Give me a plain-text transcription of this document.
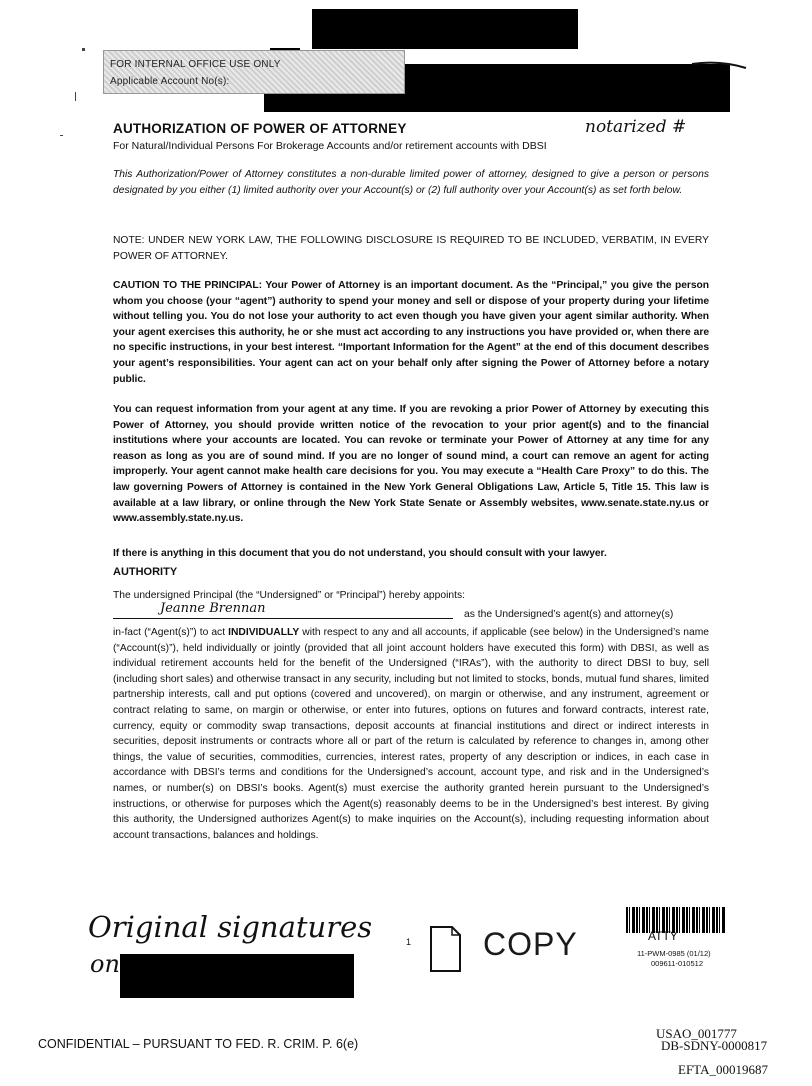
FOR INTERNAL OFFICE USE ONLY
Applicable Account No(s):
notarized #
AUTHORIZATION OF POWER OF ATTORNEY
For Natural/Individual Persons For Brokerage Accounts and/or retirement accounts with DBSI

This Authorization/Power of Attorney constitutes a non-durable limited power of attorney, designed to give a person or persons designated by you either (1) limited authority over your Account(s) or (2) full authority over your Account(s) as set forth below.

NOTE: UNDER NEW YORK LAW, THE FOLLOWING DISCLOSURE IS REQUIRED TO BE INCLUDED, VERBATIM, IN EVERY POWER OF ATTORNEY.

CAUTION TO THE PRINCIPAL: Your Power of Attorney is an important document. As the “Principal,” you give the person whom you choose (your “agent”) authority to spend your money and sell or dispose of your property during your lifetime without telling you. You do not lose your authority to act even though you have given your agent similar authority. When your agent exercises this authority, he or she must act according to any instructions you have provided or, when there are no specific instructions, in your best interest. “Important Information for the Agent” at the end of this document describes your agent’s responsibilities. Your agent can act on your behalf only after signing the Power of Attorney before a notary public.

You can request information from your agent at any time. If you are revoking a prior Power of Attorney by executing this Power of Attorney, you should provide written notice of the revocation to your prior agent(s) and to the financial institutions where your accounts are located. You can revoke or terminate your Power of Attorney at any time for any reason as long as you are of sound mind. If you are no longer of sound mind, a court can remove an agent for acting improperly. Your agent cannot make health care decisions for you. You may execute a “Health Care Proxy” to do this. The law governing Powers of Attorney is contained in the New York General Obligations Law, Article 5, Title 15. This law is available at a law library, or online through the New York State Senate or Assembly websites, www.senate.state.ny.us or www.assembly.state.ny.us.

If there is anything in this document that you do not understand, you should consult with your lawyer.

AUTHORITY
The undersigned Principal (the “Undersigned” or “Principal”) hereby appoints:
Jeanne Brennan	as the Undersigned’s agent(s) and attorney(s)

in-fact (“Agent(s)”) to act INDIVIDUALLY with respect to any and all accounts, if applicable (see below) in the Undersigned’s name (“Account(s)”), held individually or jointly (provided that all joint account holders have executed this form) with DBSI, as well as individual retirement accounts held for the benefit of the Undersigned (“IRAs”), with the authority to direct DBSI to buy, sell (including short sales) and otherwise transact in any security, including but not limited to stocks, bonds, mutual fund shares, limited partnership interests, call and put options (covered and uncovered), on margin or otherwise, and any instrument, agreement or contract relating to same, on margin or otherwise, or enter into futures, options on futures and forward contracts, interest rate, currency, equity or commodity swap transactions, deposit accounts at financial institutions and direct or indirect interests in securities, deposit instruments or contracts whore all or part of the return is calculated by reference to changes in, among other things, the value of securities, commodities, currencies, interest rates, property of any description or indices, in each case in accordance with DBSI’s terms and conditions for the Undersigned’s account, account type, and risk and in the Undersigned’s names, or number(s) on DBSI’s books. Agent(s) must exercise the authority granted herein pursuant to the Undersigned’s instructions, or otherwise for purposes which the Agent(s) reasonably deems to be in the Undersigned’s best interest. By giving this authority, the Undersigned authorizes Agent(s) to make inquiries on the Account(s), including requesting information about account transactions, balances and holdings.

Original signatures
on
1 COPY	ATTY
11-PWM-0985 (01/12)
009611-010512
CONFIDENTIAL – PURSUANT TO FED. R. CRIM. P. 6(e)
USAO_001777
DB-SDNY-0000817
EFTA_00019687
